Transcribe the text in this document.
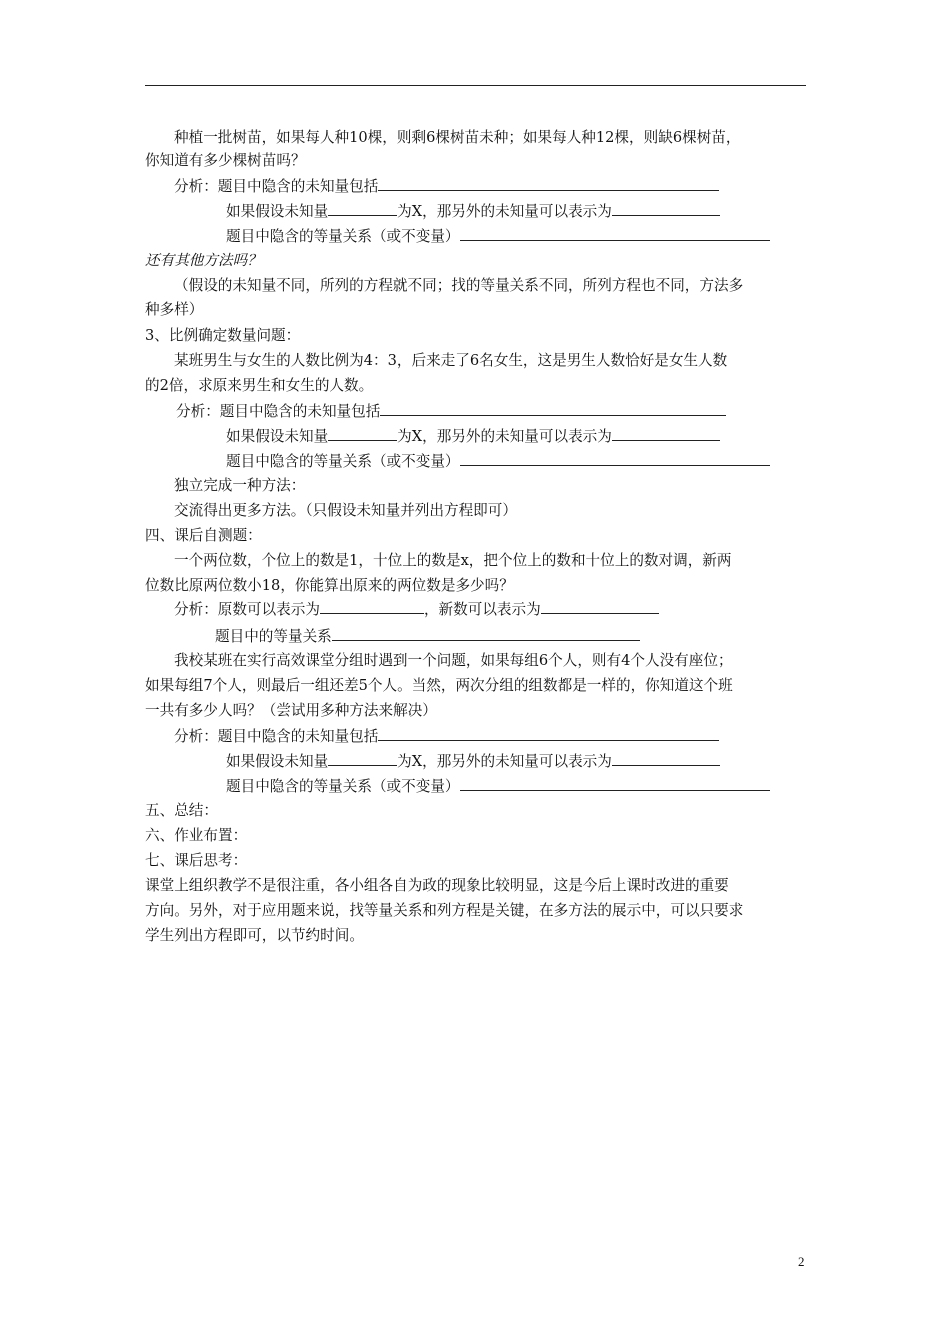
种植一批树苗，如果每人种10棵，则剩6棵树苗未种；如果每人种12棵，则缺6棵树苗，
你知道有多少棵树苗吗？
分析：题目中隐含的未知量包括
如果假设未知量	为X，那另外的未知量可以表示为
题目中隐含的等量关系（或不变量）
还有其他方法吗？
（假设的未知量不同，所列的方程就不同；找的等量关系不同，所列方程也不同，方法多
种多样）
3、比例确定数量问题：
某班男生与女生的人数比例为4：3，后来走了6名女生，这是男生人数恰好是女生人数
的2倍，求原来男生和女生的人数。
分析：题目中隐含的未知量包括
如果假设未知量	为X，那另外的未知量可以表示为
题目中隐含的等量关系（或不变量）
独立完成一种方法：
交流得出更多方法。（只假设未知量并列出方程即可）
四、课后自测题：
一个两位数，个位上的数是1，十位上的数是x，把个位上的数和十位上的数对调，新两
位数比原两位数小18，你能算出原来的两位数是多少吗？
分析：原数可以表示为	，新数可以表示为
题目中的等量关系
我校某班在实行高效课堂分组时遇到一个问题，如果每组6个人，则有4个人没有座位；
如果每组7个人，则最后一组还差5个人。当然，两次分组的组数都是一样的，你知道这个班
一共有多少人吗？（尝试用多种方法来解决）
分析：题目中隐含的未知量包括
如果假设未知量	为X，那另外的未知量可以表示为
题目中隐含的等量关系（或不变量）
五、总结：
六、作业布置：
七、课后思考：
课堂上组织教学不是很注重，各小组各自为政的现象比较明显，这是今后上课时改进的重要
方向。另外，对于应用题来说，找等量关系和列方程是关键，在多方法的展示中，可以只要求
学生列出方程即可，以节约时间。
2
